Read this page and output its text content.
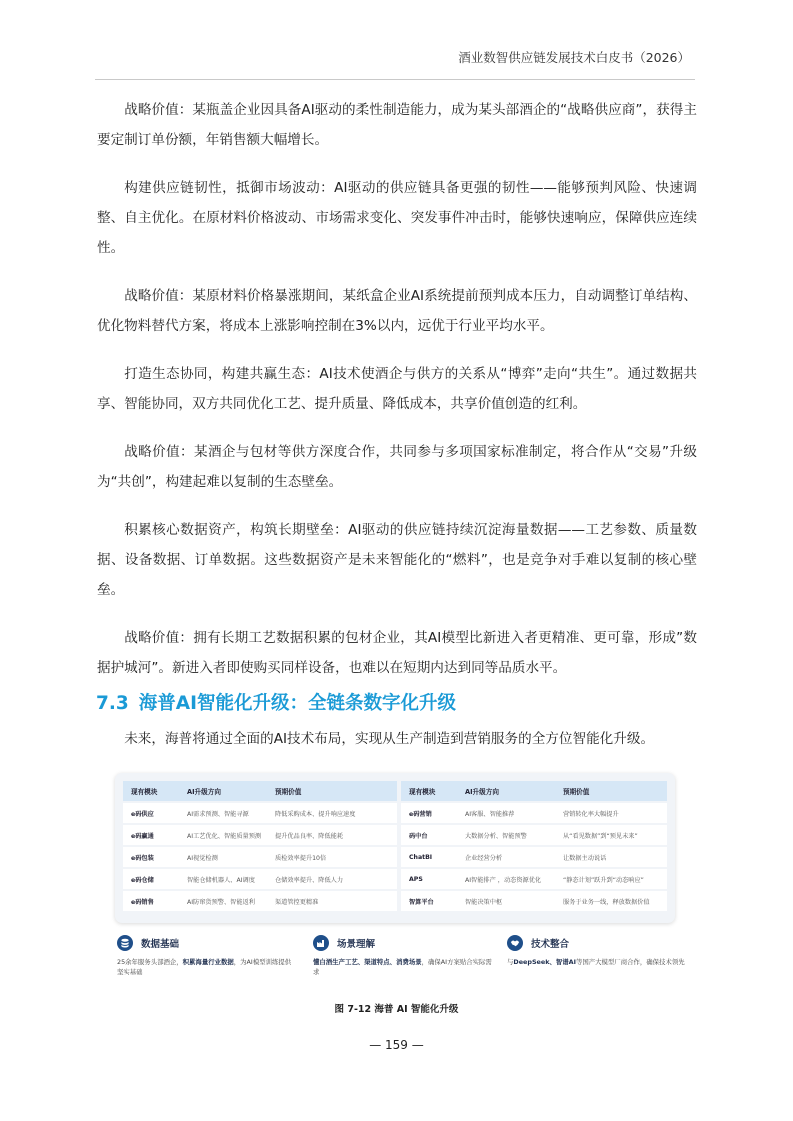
酒业数智供应链发展技术白皮书（2026）

战略价值：某瓶盖企业因具备AI驱动的柔性制造能力，成为某头部酒企的“战略供应商”，获得主要定制订单份额，年销售额大幅增长。

构建供应链韧性，抵御市场波动：AI驱动的供应链具备更强的韧性——能够预判风险、快速调整、自主优化。在原材料价格波动、市场需求变化、突发事件冲击时，能够快速响应，保障供应连续性。

战略价值：某原材料价格暴涨期间，某纸盒企业AI系统提前预判成本压力，自动调整订单结构、优化物料替代方案，将成本上涨影响控制在3%以内，远优于行业平均水平。

打造生态协同，构建共赢生态：AI技术使酒企与供方的关系从“博弈”走向“共生”。通过数据共享、智能协同，双方共同优化工艺、提升质量、降低成本，共享价值创造的红利。

战略价值：某酒企与包材等供方深度合作，共同参与多项国家标准制定，将合作从“交易”升级为“共创”，构建起难以复制的生态壁垒。

积累核心数据资产，构筑长期壁垒：AI驱动的供应链持续沉淀海量数据——工艺参数、质量数据、设备数据、订单数据。这些数据资产是未来智能化的“燃料”，也是竞争对手难以复制的核心壁垒。

战略价值：拥有长期工艺数据积累的包材企业，其AI模型比新进入者更精准、更可靠，形成”数据护城河”。新进入者即使购买同样设备，也难以在短期内达到同等品质水平。

7.3 海普AI智能化升级：全链条数字化升级

未来，海普将通过全面的AI技术布局，实现从生产制造到营销服务的全方位智能化升级。

现有模块	AI升级方向	预期价值		现有模块	AI升级方向	预期价值
e码供应	AI需求预测、智能寻源	降低采购成本、提升响应速度		e码营销	AI客服、智能推荐	营销转化率大幅提升
e码赢通	AI工艺优化、智能质量预测	提升优品良率、降低能耗		码中台	大数据分析、智能预警	从“看见数据”到“预见未来”
e码包装	AI视觉检测	质检效率提升10倍		ChatBI	企业经营分析	让数据主动说话
e码仓储	智能仓储机器人、AI调度	仓储效率提升、降低人力		APS	AI智能排产 ，动态资源优化	“静态计划”跃升到“动态响应”
e码销售	AI防窜货预警、智能返利	渠道管控更精准		智算平台	智能决策中枢	服务于业务一线，释放数据价值
数据基础
25余年服务头部酒企，积累海量行业数据，为AI模型训练提供坚实基础
场景理解
懂白酒生产工艺、渠道特点、消费场景，确保AI方案贴合实际需求
技术整合
与DeepSeek、智谱AI等国产大模型厂商合作，确保技术领先
图 7-12 海普 AI 智能化升级
— 159 —
